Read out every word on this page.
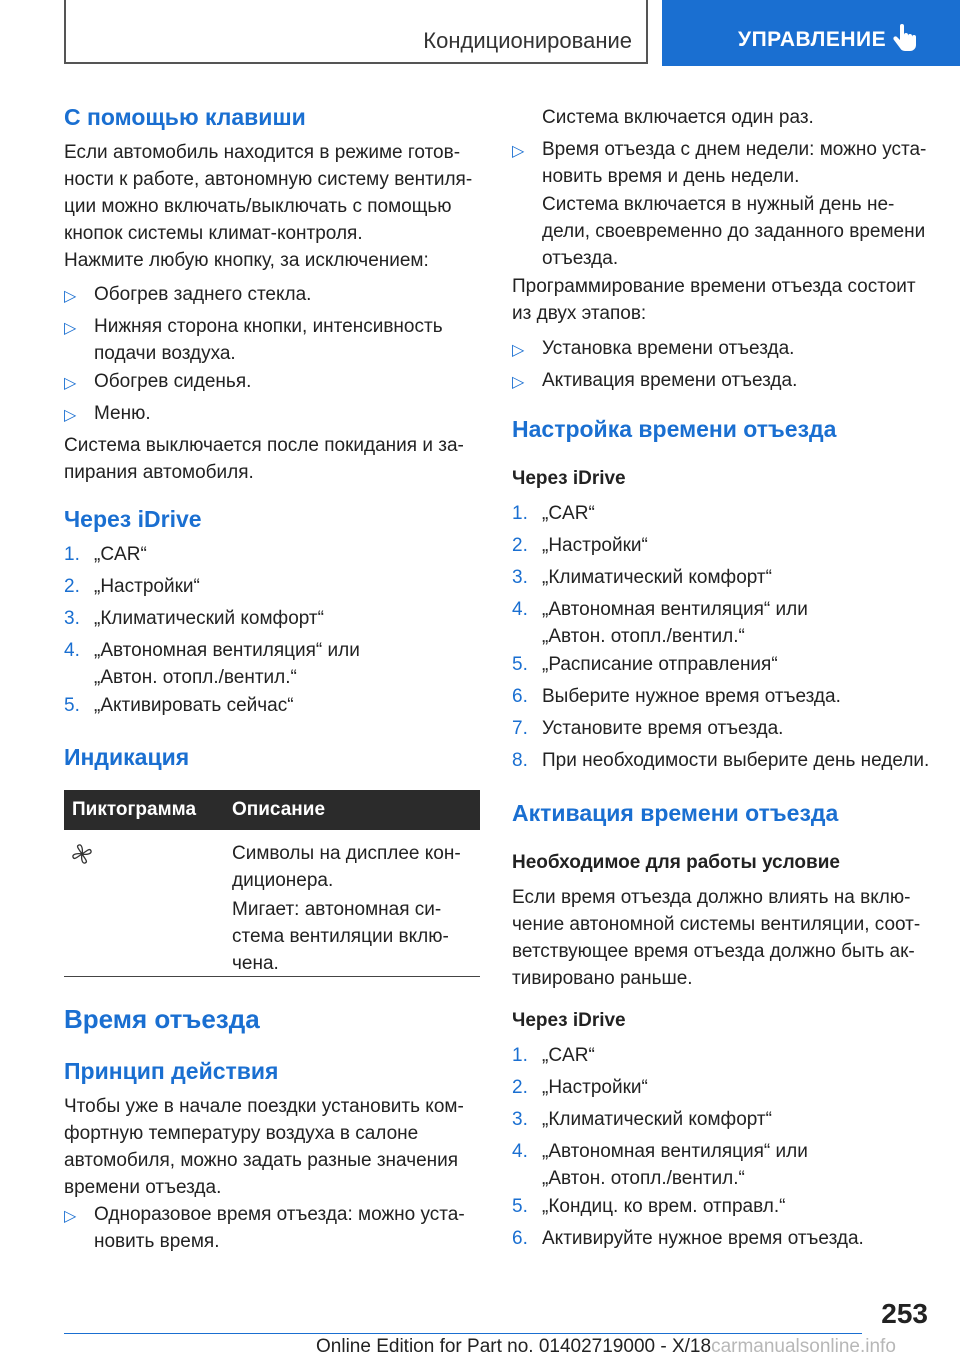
Кондиционирование	УПРАВЛЕНИЕ
С помощью клавиши
Если автомобиль находится в режиме готов-
ности к работе, автономную систему вентиля-
ции можно включать/выключать с помощью
кнопок системы климат-контроля.
Нажмите любую кнопку, за исключением:
▷ Обогрев заднего стекла.
▷ Нижняя сторона кнопки, интенсивность
подачи воздуха.
▷ Обогрев сиденья.
▷ Меню.
Система выключается после покидания и за-
пирания автомобиля.
Через iDrive
1. „CAR“
2. „Настройки“
3. „Климатический комфорт“
4. „Автономная вентиляция“ или
„Автон. отопл./вентил.“
5. „Активировать сейчас“
Индикация
Пиктограмма Описание
Символы на дисплее кон-
диционера.
Мигает: автономная си-
стема вентиляции вклю-
чена.
Время отъезда
Принцип действия
Чтобы уже в начале поездки установить ком-
фортную температуру воздуха в салоне
автомобиля, можно задать разные значения
времени отъезда.
▷ Одноразовое время отъезда: можно уста-
новить время.
Система включается один раз.
▷ Время отъезда с днем недели: можно уста-
новить время и день недели.
Система включается в нужный день не-
дели, своевременно до заданного времени
отъезда.
Программирование времени отъезда состоит
из двух этапов:
▷ Установка времени отъезда.
▷ Активация времени отъезда.
Настройка времени отъезда
Через iDrive
1. „CAR“
2. „Настройки“
3. „Климатический комфорт“
4. „Автономная вентиляция“ или
„Автон. отопл./вентил.“
5. „Расписание отправления“
6. Выберите нужное время отъезда.
7. Установите время отъезда.
8. При необходимости выберите день недели.
Активация времени отъезда
Необходимое для работы условие
Если время отъезда должно влиять на вклю-
чение автономной системы вентиляции, соот-
ветствующее время отъезда должно быть ак-
тивировано раньше.
Через iDrive
1. „CAR“
2. „Настройки“
3. „Климатический комфорт“
4. „Автономная вентиляция“ или
„Автон. отопл./вентил.“
5. „Кондиц. ко врем. отправл.“
6. Активируйте нужное время отъезда.
253
Online Edition for Part no. 01402719000 - X/18carmanualsonline.info
